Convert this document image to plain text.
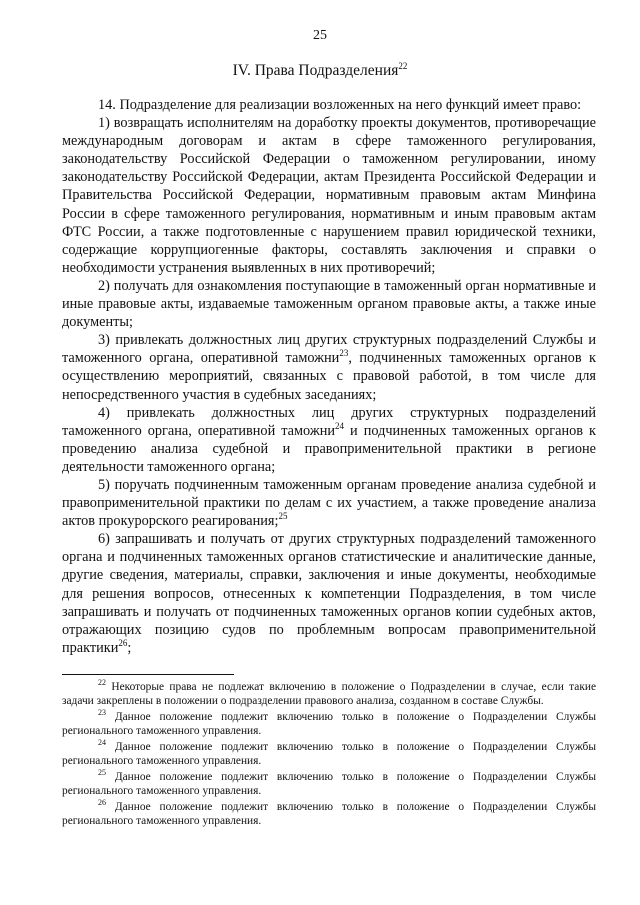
25
IV. Права Подразделения$^{22}$

14. Подразделение для реализации возложенных на него функций имеет право:

1) возвращать исполнителям на доработку проекты документов, противоречащие международным договорам и актам в сфере таможенного регулирования, законодательству Российской Федерации о таможенном регулировании, иному законодательству Российской Федерации, актам Президента Российской Федерации и Правительства Российской Федерации, нормативным правовым актам Минфина России в сфере таможенного регулирования, нормативным и иным правовым актам ФТС России, а также подготовленные с нарушением правил юридической техники, содержащие коррупциогенные факторы, составлять заключения и справки о необходимости устранения выявленных в них противоречий;

2) получать для ознакомления поступающие в таможенный орган нормативные и иные правовые акты, издаваемые таможенным органом правовые акты, а также иные документы;

3) привлекать должностных лиц других структурных подразделений Службы и таможенного органа, оперативной таможни$^{23}$, подчиненных таможенных органов к осуществлению мероприятий, связанных с правовой работой, в том числе для непосредственного участия в судебных заседаниях;

4) привлекать должностных лиц других структурных подразделений таможенного органа, оперативной таможни$^{24}$ и подчиненных таможенных органов к проведению анализа судебной и правоприменительной практики в регионе деятельности таможенного органа;

5) поручать подчиненным таможенным органам проведение анализа судебной и правоприменительной практики по делам с их участием, а также проведение анализа актов прокурорского реагирования;$^{25}$

6) запрашивать и получать от других структурных подразделений таможенного органа и подчиненных таможенных органов статистические и аналитические данные, другие сведения, материалы, справки, заключения и иные документы, необходимые для решения вопросов, отнесенных к компетенции Подразделения, в том числе запрашивать и получать от подчиненных таможенных органов копии судебных актов, отражающих позицию судов по проблемным вопросам правоприменительной практики$^{26}$;

$^{22}$ Некоторые права не подлежат включению в положение о Подразделении в случае, если такие задачи закреплены в положении о подразделении правового анализа, созданном в составе Службы.

$^{23}$ Данное положение подлежит включению только в положение о Подразделении Службы регионального таможенного управления.

$^{24}$ Данное положение подлежит включению только в положение о Подразделении Службы регионального таможенного управления.

$^{25}$ Данное положение подлежит включению только в положение о Подразделении Службы регионального таможенного управления.

$^{26}$ Данное положение подлежит включению только в положение о Подразделении Службы регионального таможенного управления.
